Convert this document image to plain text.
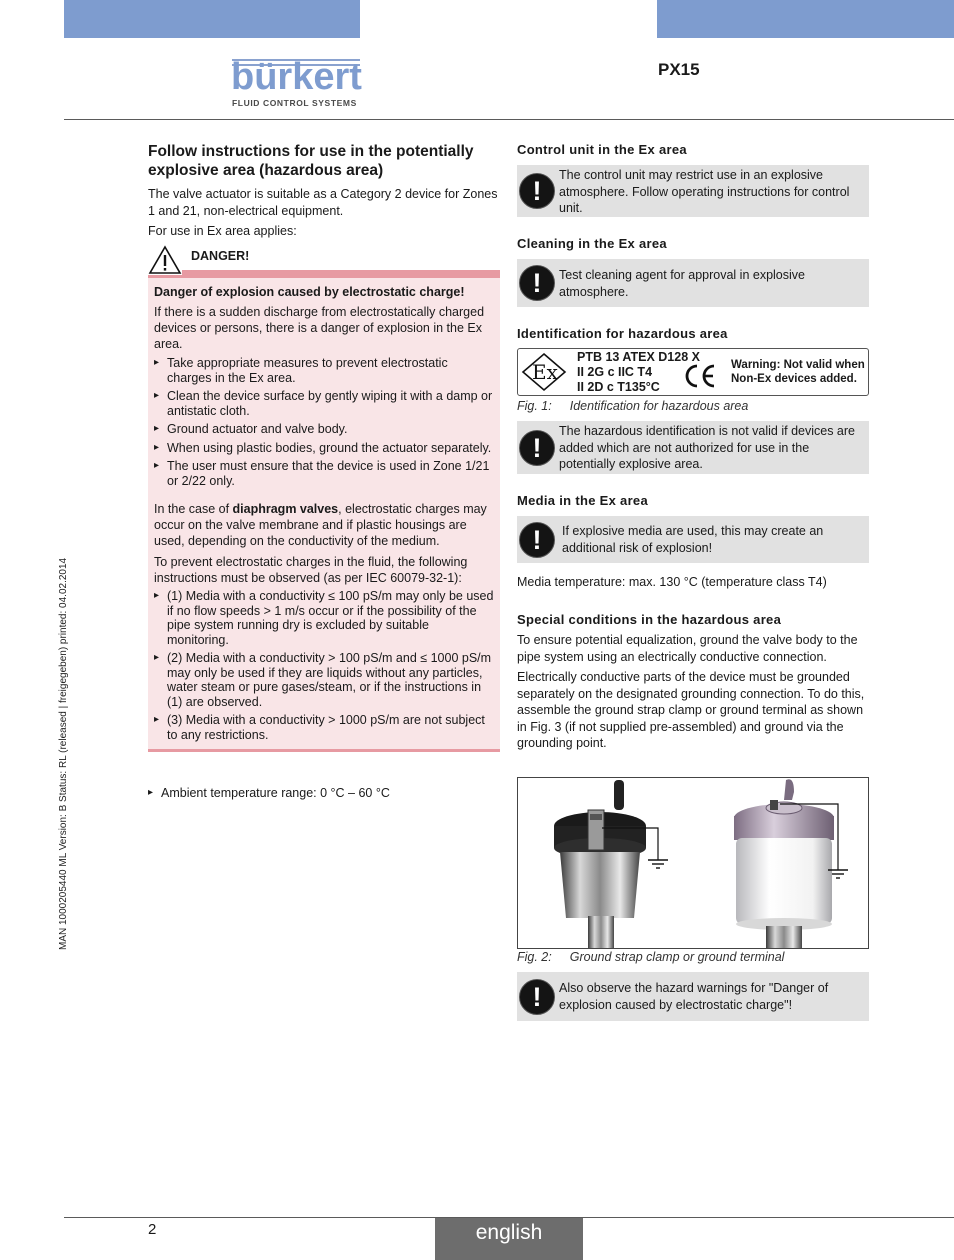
bürkert
FLUID CONTROL SYSTEMS
PX15
MAN 1000205440 ML Version: B Status: RL (released | freigegeben) printed: 04.02.2014
Follow instructions for use in the potentially explosive area (hazardous area)

The valve actuator is suitable as a Category 2 device for Zones 1 and 21, non-electrical equipment.

For use in Ex area applies:

DANGER!

Danger of explosion caused by electrostatic charge!

If there is a sudden discharge from electrostatically charged devices or persons, there is a danger of explosion in the Ex area.

▸ Take appropriate measures to prevent electrostatic charges in the Ex area.
▸ Clean the device surface by gently wiping it with a damp or antistatic cloth.
▸ Ground actuator and valve body.
▸ When using plastic bodies, ground the actuator separately.
▸ The user must ensure that the device is used in Zone 1/21 or 2/22 only.

In the case of diaphragm valves, electrostatic charges may occur on the valve membrane and if plastic housings are used, depending on the conductivity of the medium.

To prevent electrostatic charges in the fluid, the following instructions must be observed (as per IEC 60079-32-1):

▸ (1) Media with a conductivity ≤ 100 pS/m may only be used if no flow speeds > 1 m/s occur or if the possibility of the pipe system running dry is excluded by suitable monitoring.
▸ (2) Media with a conductivity > 100 pS/m and ≤ 1000 pS/m may only be used if they are liquids without any particles, water steam or pure gases/steam, or if the instructions in (1) are observed.
▸ (3) Media with a conductivity > 1000 pS/m are not subject to any restrictions.
▸ Ambient temperature range: 0 °C – 60 °C
Control unit in the Ex area
!
The control unit may restrict use in an explosive atmosphere. Follow operating instructions for control unit.
Cleaning in the Ex area
!	Test cleaning agent for approval in explosive atmosphere.
Identification for hazardous area
Ex
PTB 13 ATEX D128 X
II 2G c IIC T4
II 2D c T135°C
Warning: Not valid when
Non-Ex devices added.
Fig. 1: Identification for hazardous area
!
The hazardous identification is not valid if devices are added which are not authorized for use in the potentially explosive area.
Media in the Ex area
!	If explosive media are used, this may create an additional risk of explosion!

Media temperature: max. 130 °C (temperature class T4)

Special conditions in the hazardous area

To ensure potential equalization, ground the valve body to the pipe system using an electrically conductive connection.

Electrically conductive parts of the device must be grounded separately on the designated grounding connection. To do this, assemble the ground strap clamp or ground terminal as shown in Fig. 3 (if not supplied pre-assembled) and ground via the grounding point.

Fig. 2: Ground strap clamp or ground terminal
!	Also observe the hazard warnings for "Danger of explosion caused by electrostatic charge"!
2	english
